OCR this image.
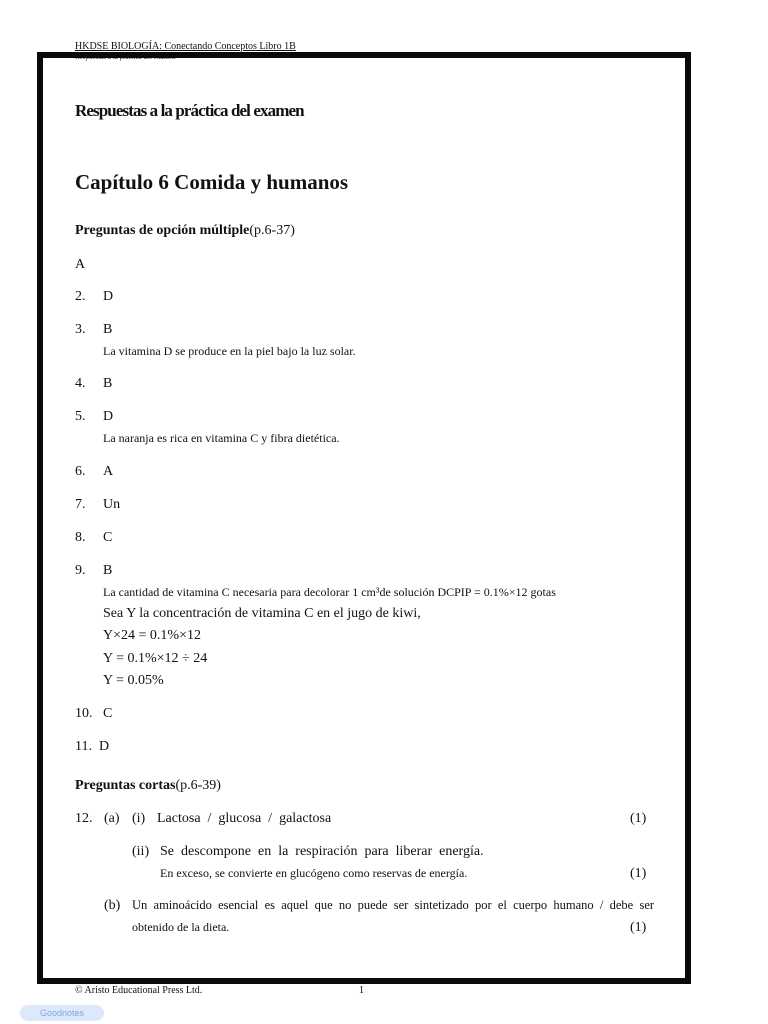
HKDSE BIOLOGÍA: Conectando Conceptos Libro 1B
Respuestas a la práctica del examen
Respuestas a la práctica del examen
Capítulo 6 Comida y humanos
Preguntas de opción múltiple(p.6-37)
A
2. D
3. B
La vitamina D se produce en la piel bajo la luz solar.
4. B
5. D
La naranja es rica en vitamina C y fibra dietética.
6. A
7. Un
8. C
9. B
La cantidad de vitamina C necesaria para decolorar 1 cm³de solución DCPIP = 0.1%×12 gotas
Sea Y la concentración de vitamina C en el jugo de kiwi,
Y×24 = 0.1%×12
Y = 0.1%×12 ÷ 24
Y = 0.05%
10. C
11. D
Preguntas cortas(p.6-39)
12. (a) (i) Lactosa  /  glucosa  /  galactosa	(1)
(ii) Se  descompone  en  la  respiración  para  liberar  energía.
En exceso, se convierte en glucógeno como reservas de energía.	(1)
(b) Un  aminoácido  esencial  es  aquel  que  no  puede  ser  sintetizado  por  el  cuerpo  humano  /  debe  ser
obtenido de la dieta.	(1)
© Aristo Educational Press Ltd.	1
Goodnotes
